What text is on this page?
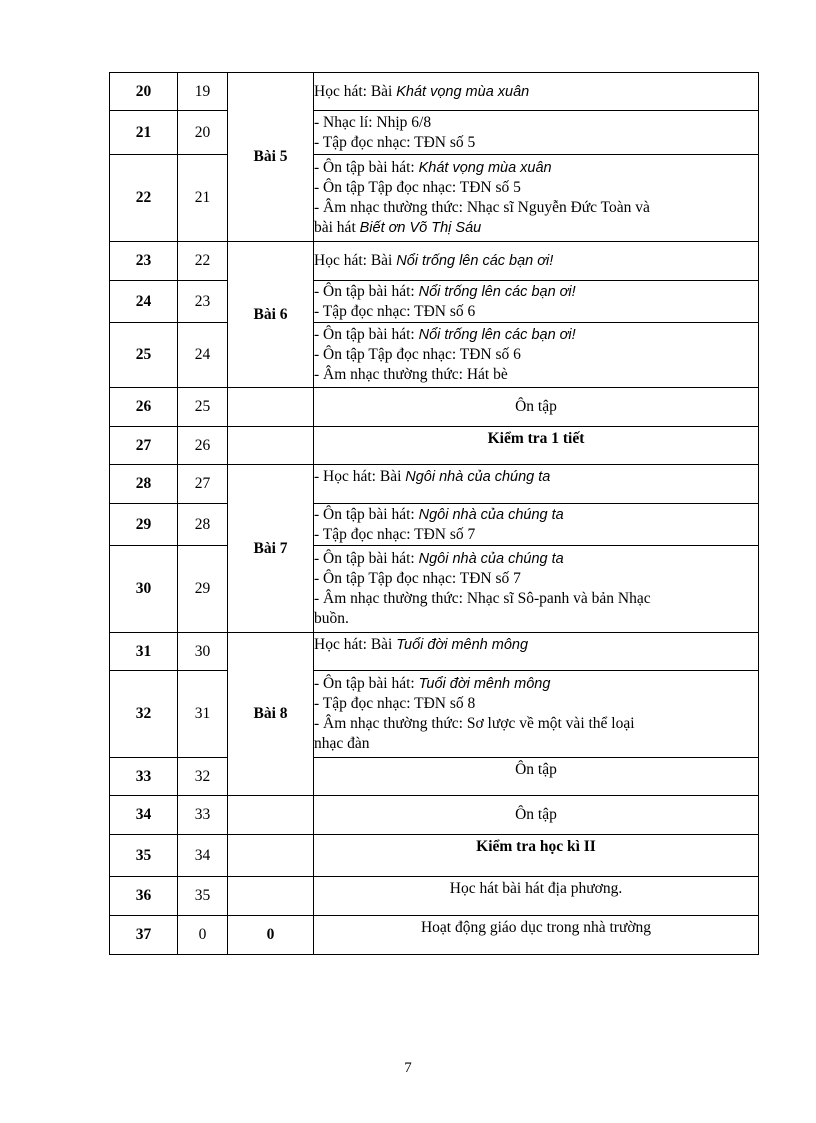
20	19	Bài 5	Học hát: Bài Khát vọng mùa xuân

21	20		- Nhạc lí: Nhịp 6/8
- Tập đọc nhạc: TĐN số 5

22	21		- Ôn tập bài hát: Khát vọng mùa xuân
- Ôn tập Tập đọc nhạc: TĐN số 5
- Âm nhạc thường thức: Nhạc sĩ Nguyễn Đức Toàn và
bài hát Biết ơn Võ Thị Sáu

23	22	Bài 6	Học hát: Bài Nổi trống lên các bạn ơi!

24	23		- Ôn tập bài hát: Nổi trống lên các bạn ơi!
- Tập đọc nhạc: TĐN số 6

25	24		- Ôn tập bài hát: Nổi trống lên các bạn ơi!
- Ôn tập Tập đọc nhạc: TĐN số 6
- Âm nhạc thường thức: Hát bè

26	25		Ôn tập
27	26		Kiểm tra 1 tiết
28	27	Bài 7	- Học hát: Bài Ngôi nhà của chúng ta

29	28		- Ôn tập bài hát: Ngôi nhà của chúng ta
- Tập đọc nhạc: TĐN số 7

30	29		- Ôn tập bài hát: Ngôi nhà của chúng ta
- Ôn tập Tập đọc nhạc: TĐN số 7
- Âm nhạc thường thức: Nhạc sĩ Sô-panh và bản Nhạc
buồn.

31	30	Bài 8	Học hát: Bài Tuổi đời mênh mông

32	31		- Ôn tập bài hát: Tuổi đời mênh mông
- Tập đọc nhạc: TĐN số 8
- Âm nhạc thường thức: Sơ lược về một vài thể loại
nhạc đàn

33	32		Ôn tập
34	33		Ôn tập
35	34		Kiểm tra học kì II
36	35		Học hát bài hát địa phương.
37	0	0	Hoạt động giáo dục trong nhà trường
7
